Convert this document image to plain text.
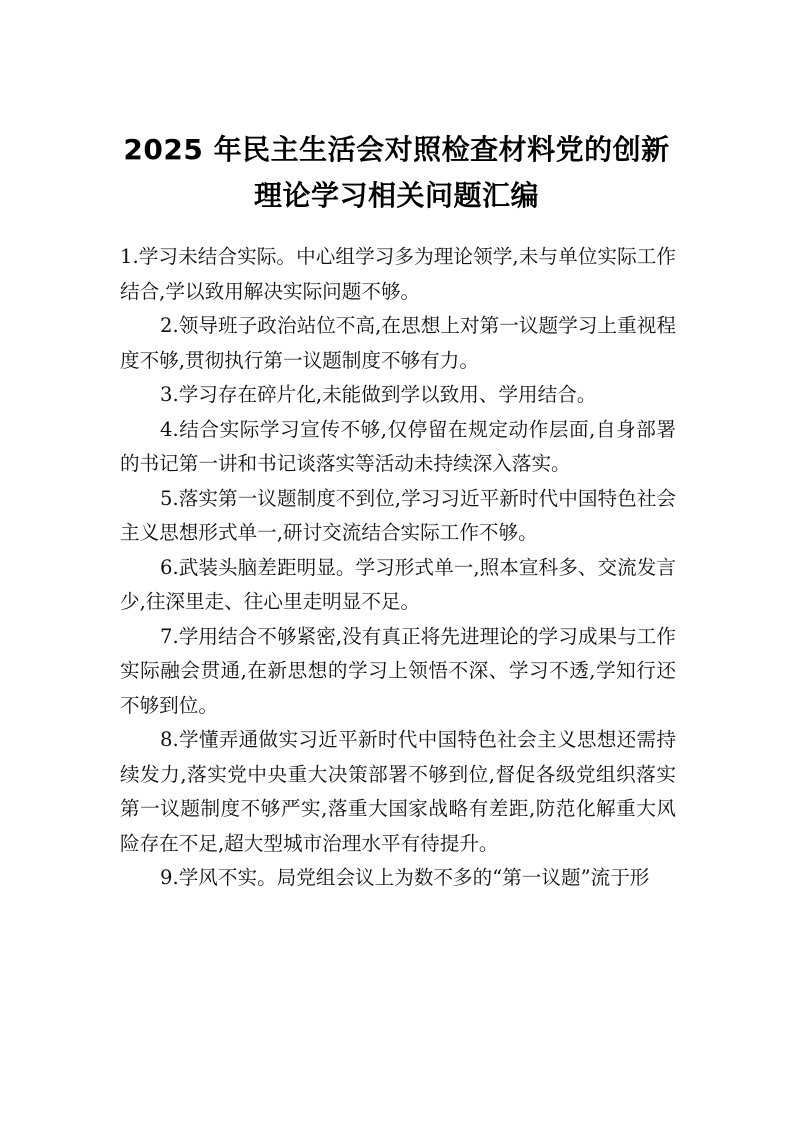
2025 年民主生活会对照检查材料党的创新
理论学习相关问题汇编

1.学习未结合实际。中心组学习多为理论领学,未与单位实际工作结合,学以致用解决实际问题不够。

2.领导班子政治站位不高,在思想上对第一议题学习上重视程度不够,贯彻执行第一议题制度不够有力。

3.学习存在碎片化,未能做到学以致用、学用结合。

4.结合实际学习宣传不够,仅停留在规定动作层面,自身部署的书记第一讲和书记谈落实等活动未持续深入落实。

5.落实第一议题制度不到位,学习习近平新时代中国特色社会主义思想形式单一,研讨交流结合实际工作不够。

6.武装头脑差距明显。学习形式单一,照本宣科多、交流发言少,往深里走、往心里走明显不足。

7.学用结合不够紧密,没有真正将先进理论的学习成果与工作实际融会贯通,在新思想的学习上领悟不深、学习不透,学知行还不够到位。

8.学懂弄通做实习近平新时代中国特色社会主义思想还需持续发力,落实党中央重大决策部署不够到位,督促各级党组织落实第一议题制度不够严实,落重大国家战略有差距,防范化解重大风险存在不足,超大型城市治理水平有待提升。

9.学风不实。局党组会议上为数不多的“第一议题”流于形
